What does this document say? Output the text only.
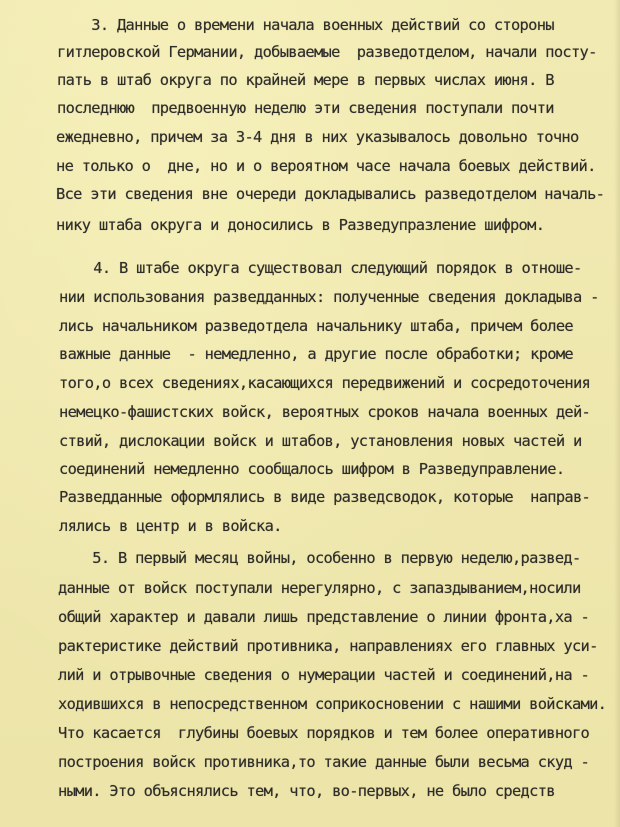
3. Данные о времени начала военных действий со стороны
гитлеровской Германии, добываемые  разведотделом, начали посту-
пать в штаб округа по крайней мере в первых числах июня. В
последнюю  предвоенную неделю эти сведения поступали почти
ежедневно, причем за 3-4 дня в них указывалось довольно точно
не только о  дне, но и о вероятном часе начала боевых действий.
Все эти сведения вне очереди докладывались разведотделом началь-
нику штаба округа и доносились в Разведупразление шифром.
4. В штабе округа существовал следующий порядок в отноше-
нии использования разведданных: полученные сведения докладыва -
лись начальником разведотдела начальнику штаба, причем более
важные данные  - немедленно, а другие после обработки; кроме
того,о всех сведениях,касающихся передвижений и сосредоточения
немецко-фашистских войск, вероятных сроков начала военных дей-
ствий, дислокации войск и штабов, установления новых частей и
соединений немедленно сообщалось шифром в Разведуправление.
Разведданные оформлялись в виде разведсводок, которые  направ-
лялись в центр и в войска.
5. В первый месяц войны, особенно в первую неделю,развед-
данные от войск поступали нерегулярно, с запаздыванием,носили
общий характер и давали лишь представление о линии фронта,ха -
рактеристике действий противника, направлениях его главных уси-
лий и отрывочные сведения о нумерации частей и соединений,на -
ходившихся в непосредственном соприкосновении с нашими войсками.
Что касается  глубины боевых порядков и тем более оперативного
построения войск противника,то такие данные были весьма скуд -
ными. Это объяснялись тем, что, во-первых, не было средств
